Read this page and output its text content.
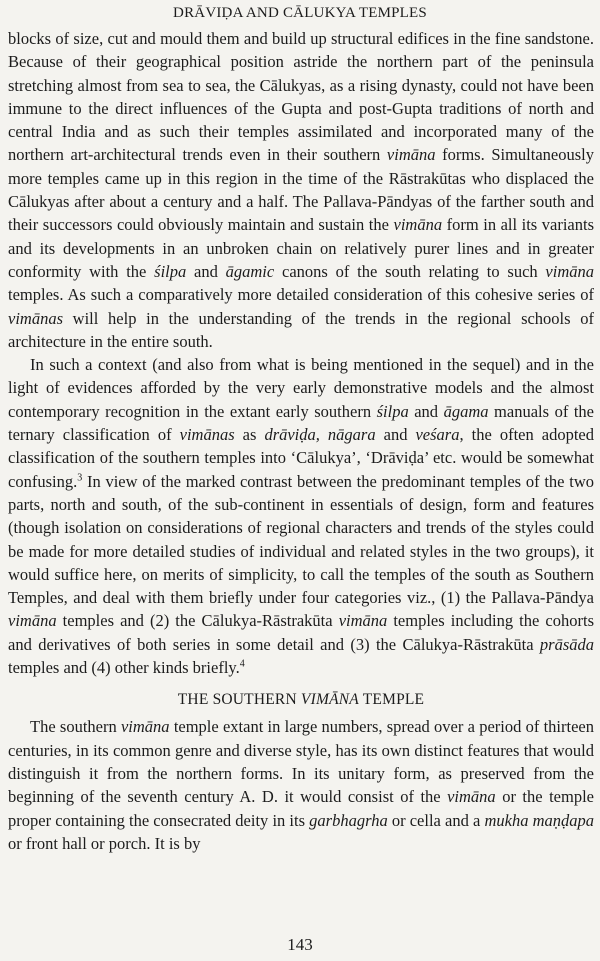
DRĀVIḌA AND CĀLUKYA TEMPLES

blocks of size, cut and mould them and build up structural edifices in the fine sandstone. Because of their geographical position astride the northern part of the peninsula stretching almost from sea to sea, the Cālukyas, as a rising dynasty, could not have been immune to the direct influences of the Gupta and post-Gupta traditions of north and central India and as such their temples assimilated and incorporated many of the northern art-architectural trends even in their southern vimāna forms. Simultaneously more temples came up in this region in the time of the Rāstrakūtas who displaced the Cālukyas after about a century and a half. The Pallava-Pāndyas of the farther south and their successors could obviously maintain and sustain the vimāna form in all its variants and its developments in an unbroken chain on relatively purer lines and in greater conformity with the śilpa and āgamic canons of the south relating to such vimāna temples. As such a comparatively more detailed consideration of this cohesive series of vimānas will help in the understanding of the trends in the regional schools of architecture in the entire south.

In such a context (and also from what is being mentioned in the sequel) and in the light of evidences afforded by the very early demonstrative models and the almost contemporary recognition in the extant early southern śilpa and āgama manuals of the ternary classification of vimānas as drāviḍa, nāgara and veśara, the often adopted classification of the southern temples into ‘Cālukya’, ‘Drāviḍa’ etc. would be somewhat confusing.$^3$ In view of the marked contrast between the predominant temples of the two parts, north and south, of the sub-continent in essentials of design, form and features (though isolation on considerations of regional characters and trends of the styles could be made for more detailed studies of individual and related styles in the two groups), it would suffice here, on merits of simplicity, to call the temples of the south as Southern Temples, and deal with them briefly under four categories viz., (1) the Pallava-Pāndya vimāna temples and (2) the Cālukya-Rāstrakūta vimāna temples including the cohorts and derivatives of both series in some detail and (3) the Cālukya-Rāstrakūta prāsāda temples and (4) other kinds briefly.$^4$

THE SOUTHERN VIMĀNA TEMPLE

The southern vimāna temple extant in large numbers, spread over a period of thirteen centuries, in its common genre and diverse style, has its own distinct features that would distinguish it from the northern forms. In its unitary form, as preserved from the beginning of the seventh century A. D. it would consist of the vimāna or the temple proper containing the consecrated deity in its garbhagrha or cella and a mukha maṇḍapa or front hall or porch. It is by

143
